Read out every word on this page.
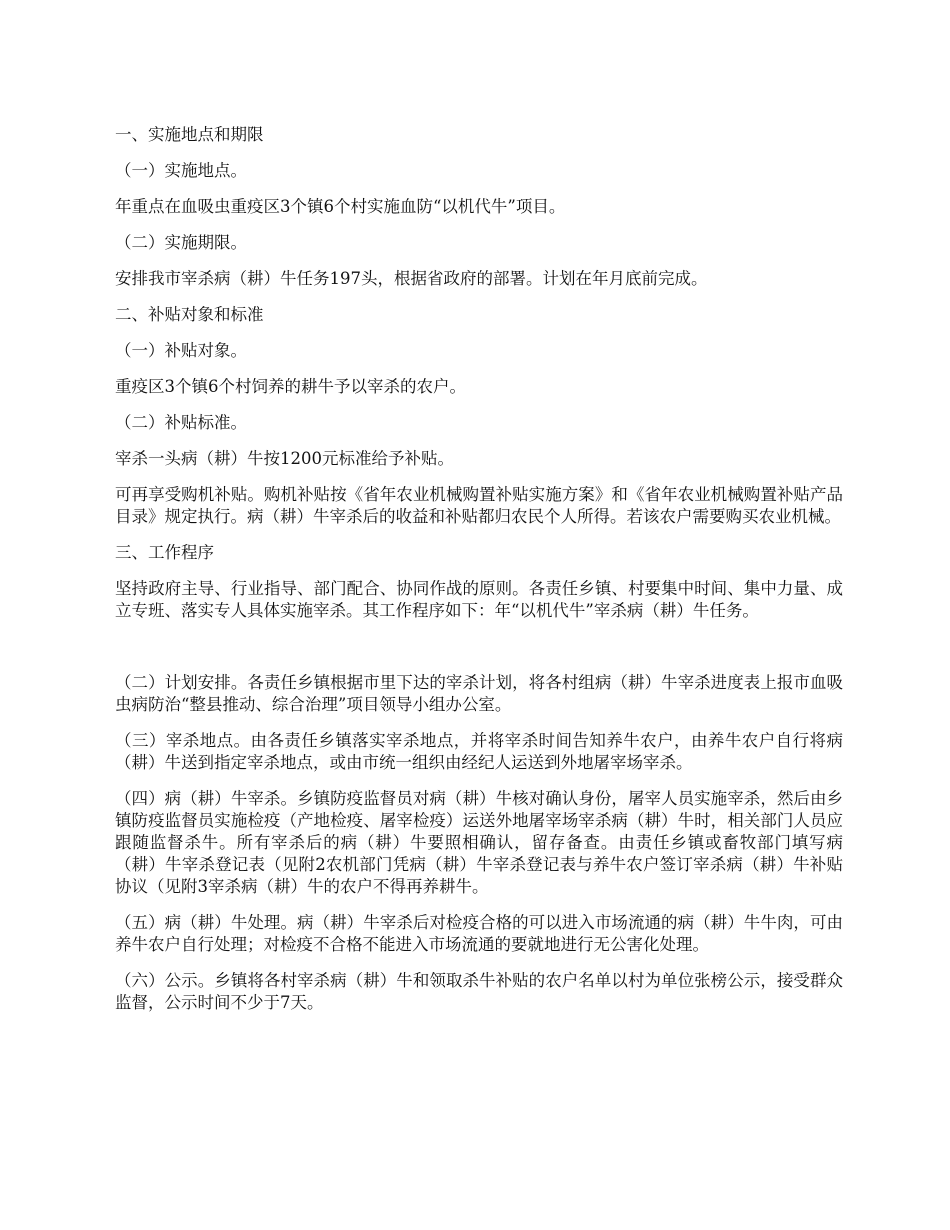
一、实施地点和期限

（一）实施地点。

年重点在血吸虫重疫区3个镇6个村实施血防“以机代牛”项目。

（二）实施期限。

安排我市宰杀病（耕）牛任务197头，根据省政府的部署。计划在年月底前完成。

二、补贴对象和标准

（一）补贴对象。

重疫区3个镇6个村饲养的耕牛予以宰杀的农户。

（二）补贴标准。

宰杀一头病（耕）牛按1200元标准给予补贴。

可再享受购机补贴。购机补贴按《省年农业机械购置补贴实施方案》和《省年农业机械购置补贴产品目录》规定执行。病（耕）牛宰杀后的收益和补贴都归农民个人所得。若该农户需要购买农业机械。

三、工作程序

坚持政府主导、行业指导、部门配合、协同作战的原则。各责任乡镇、村要集中时间、集中力量、成立专班、落实专人具体实施宰杀。其工作程序如下：年“以机代牛”宰杀病（耕）牛任务。

（二）计划安排。各责任乡镇根据市里下达的宰杀计划，将各村组病（耕）牛宰杀进度表上报市血吸虫病防治“整县推动、综合治理”项目领导小组办公室。

（三）宰杀地点。由各责任乡镇落实宰杀地点，并将宰杀时间告知养牛农户，由养牛农户自行将病（耕）牛送到指定宰杀地点，或由市统一组织由经纪人运送到外地屠宰场宰杀。

（四）病（耕）牛宰杀。乡镇防疫监督员对病（耕）牛核对确认身份，屠宰人员实施宰杀，然后由乡镇防疫监督员实施检疫（产地检疫、屠宰检疫）运送外地屠宰场宰杀病（耕）牛时，相关部门人员应跟随监督杀牛。所有宰杀后的病（耕）牛要照相确认，留存备查。由责任乡镇或畜牧部门填写病（耕）牛宰杀登记表（见附2农机部门凭病（耕）牛宰杀登记表与养牛农户签订宰杀病（耕）牛补贴协议（见附3宰杀病（耕）牛的农户不得再养耕牛。

（五）病（耕）牛处理。病（耕）牛宰杀后对检疫合格的可以进入市场流通的病（耕）牛牛肉，可由养牛农户自行处理；对检疫不合格不能进入市场流通的要就地进行无公害化处理。

（六）公示。乡镇将各村宰杀病（耕）牛和领取杀牛补贴的农户名单以村为单位张榜公示，接受群众监督，公示时间不少于7天。
